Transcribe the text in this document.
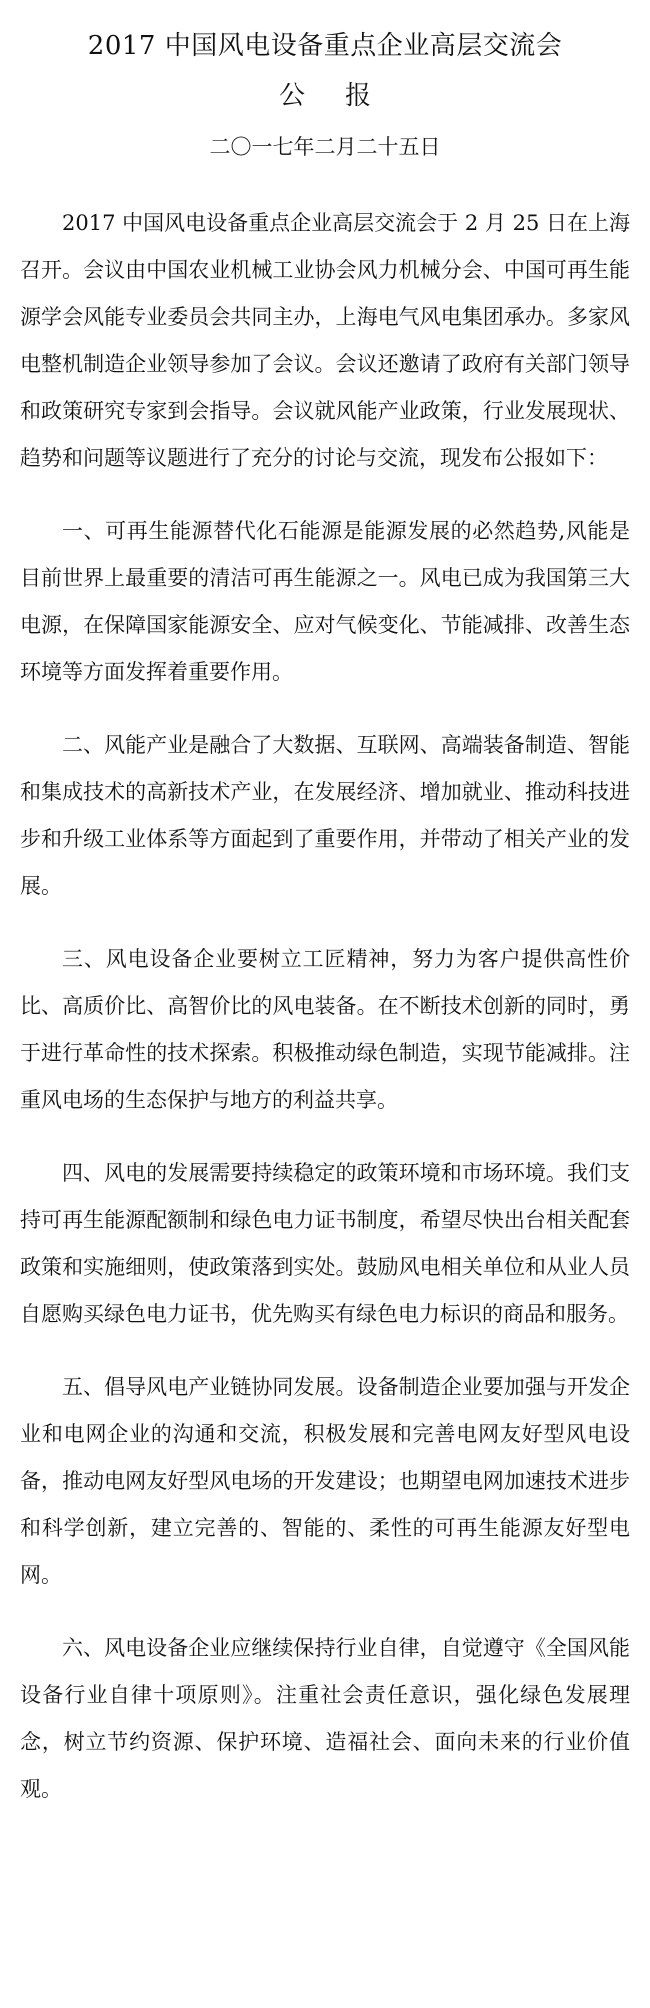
2017 中国风电设备重点企业高层交流会
公报
二〇一七年二月二十五日

2017 中国风电设备重点企业高层交流会于 2 月 25 日在上海召开。会议由中国农业机械工业协会风力机械分会、中国可再生能源学会风能专业委员会共同主办，上海电气风电集团承办。多家风电整机制造企业领导参加了会议。会议还邀请了政府有关部门领导和政策研究专家到会指导。会议就风能产业政策，行业发展现状、趋势和问题等议题进行了充分的讨论与交流，现发布公报如下：

一、可再生能源替代化石能源是能源发展的必然趋势,风能是目前世界上最重要的清洁可再生能源之一。风电已成为我国第三大电源，在保障国家能源安全、应对气候变化、节能减排、改善生态环境等方面发挥着重要作用。

二、风能产业是融合了大数据、互联网、高端装备制造、智能和集成技术的高新技术产业，在发展经济、增加就业、推动科技进步和升级工业体系等方面起到了重要作用，并带动了相关产业的发展。

三、风电设备企业要树立工匠精神，努力为客户提供高性价比、高质价比、高智价比的风电装备。在不断技术创新的同时，勇于进行革命性的技术探索。积极推动绿色制造，实现节能减排。注重风电场的生态保护与地方的利益共享。

四、风电的发展需要持续稳定的政策环境和市场环境。我们支持可再生能源配额制和绿色电力证书制度，希望尽快出台相关配套政策和实施细则，使政策落到实处。鼓励风电相关单位和从业人员自愿购买绿色电力证书，优先购买有绿色电力标识的商品和服务。

五、倡导风电产业链协同发展。设备制造企业要加强与开发企业和电网企业的沟通和交流，积极发展和完善电网友好型风电设备，推动电网友好型风电场的开发建设；也期望电网加速技术进步和科学创新，建立完善的、智能的、柔性的可再生能源友好型电网。

六、风电设备企业应继续保持行业自律，自觉遵守《全国风能设备行业自律十项原则》。注重社会责任意识，强化绿色发展理念，树立节约资源、保护环境、造福社会、面向未来的行业价值观。
